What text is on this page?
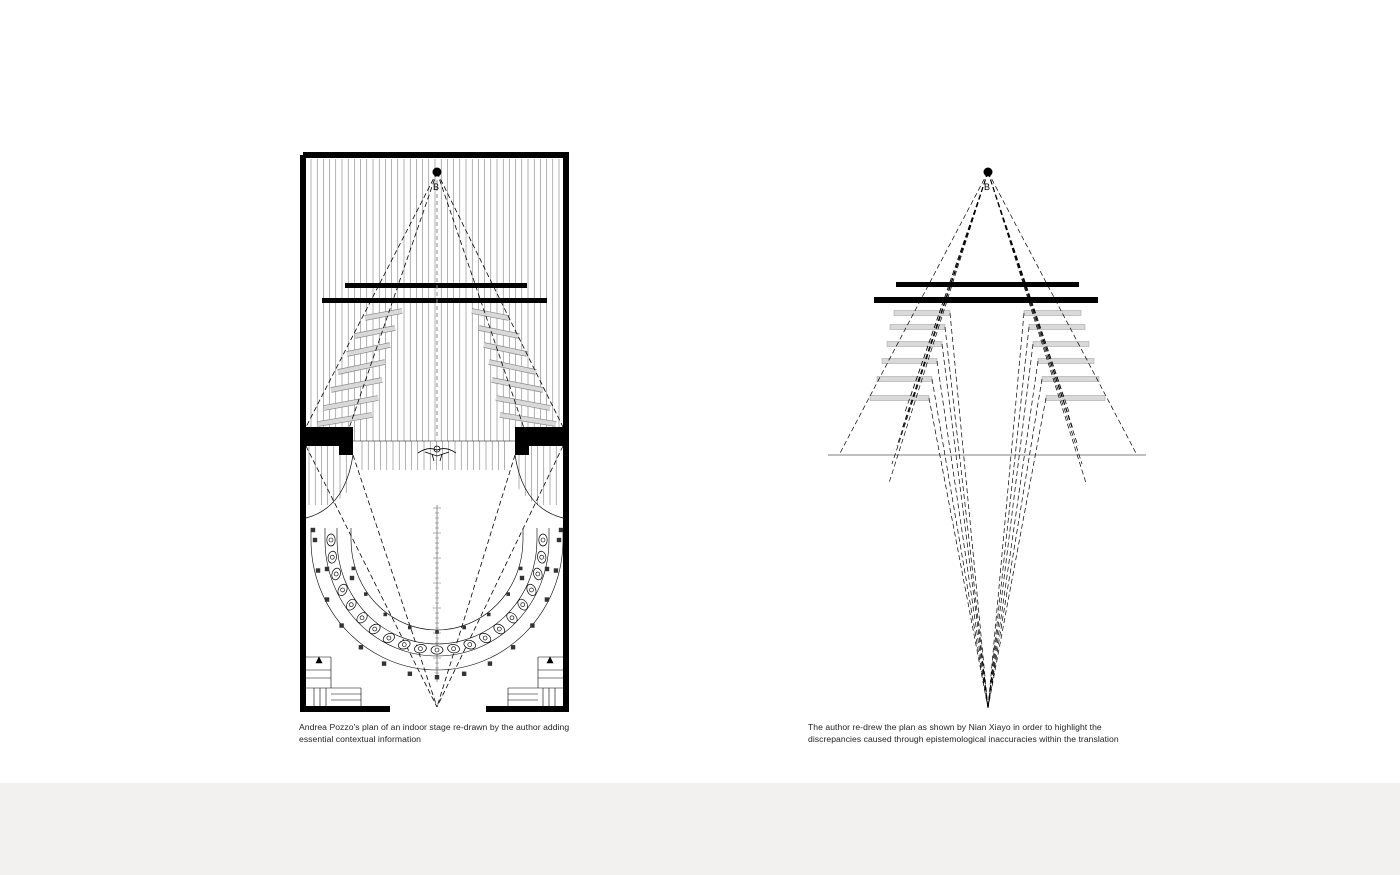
B	B
Andrea Pozzo's plan of an indoor stage re-drawn by the author adding
essential contextual information
The author re-drew the plan as shown by Nian Xiayo in order to highlight the
discrepancies caused through epistemological inaccuracies within the translation
